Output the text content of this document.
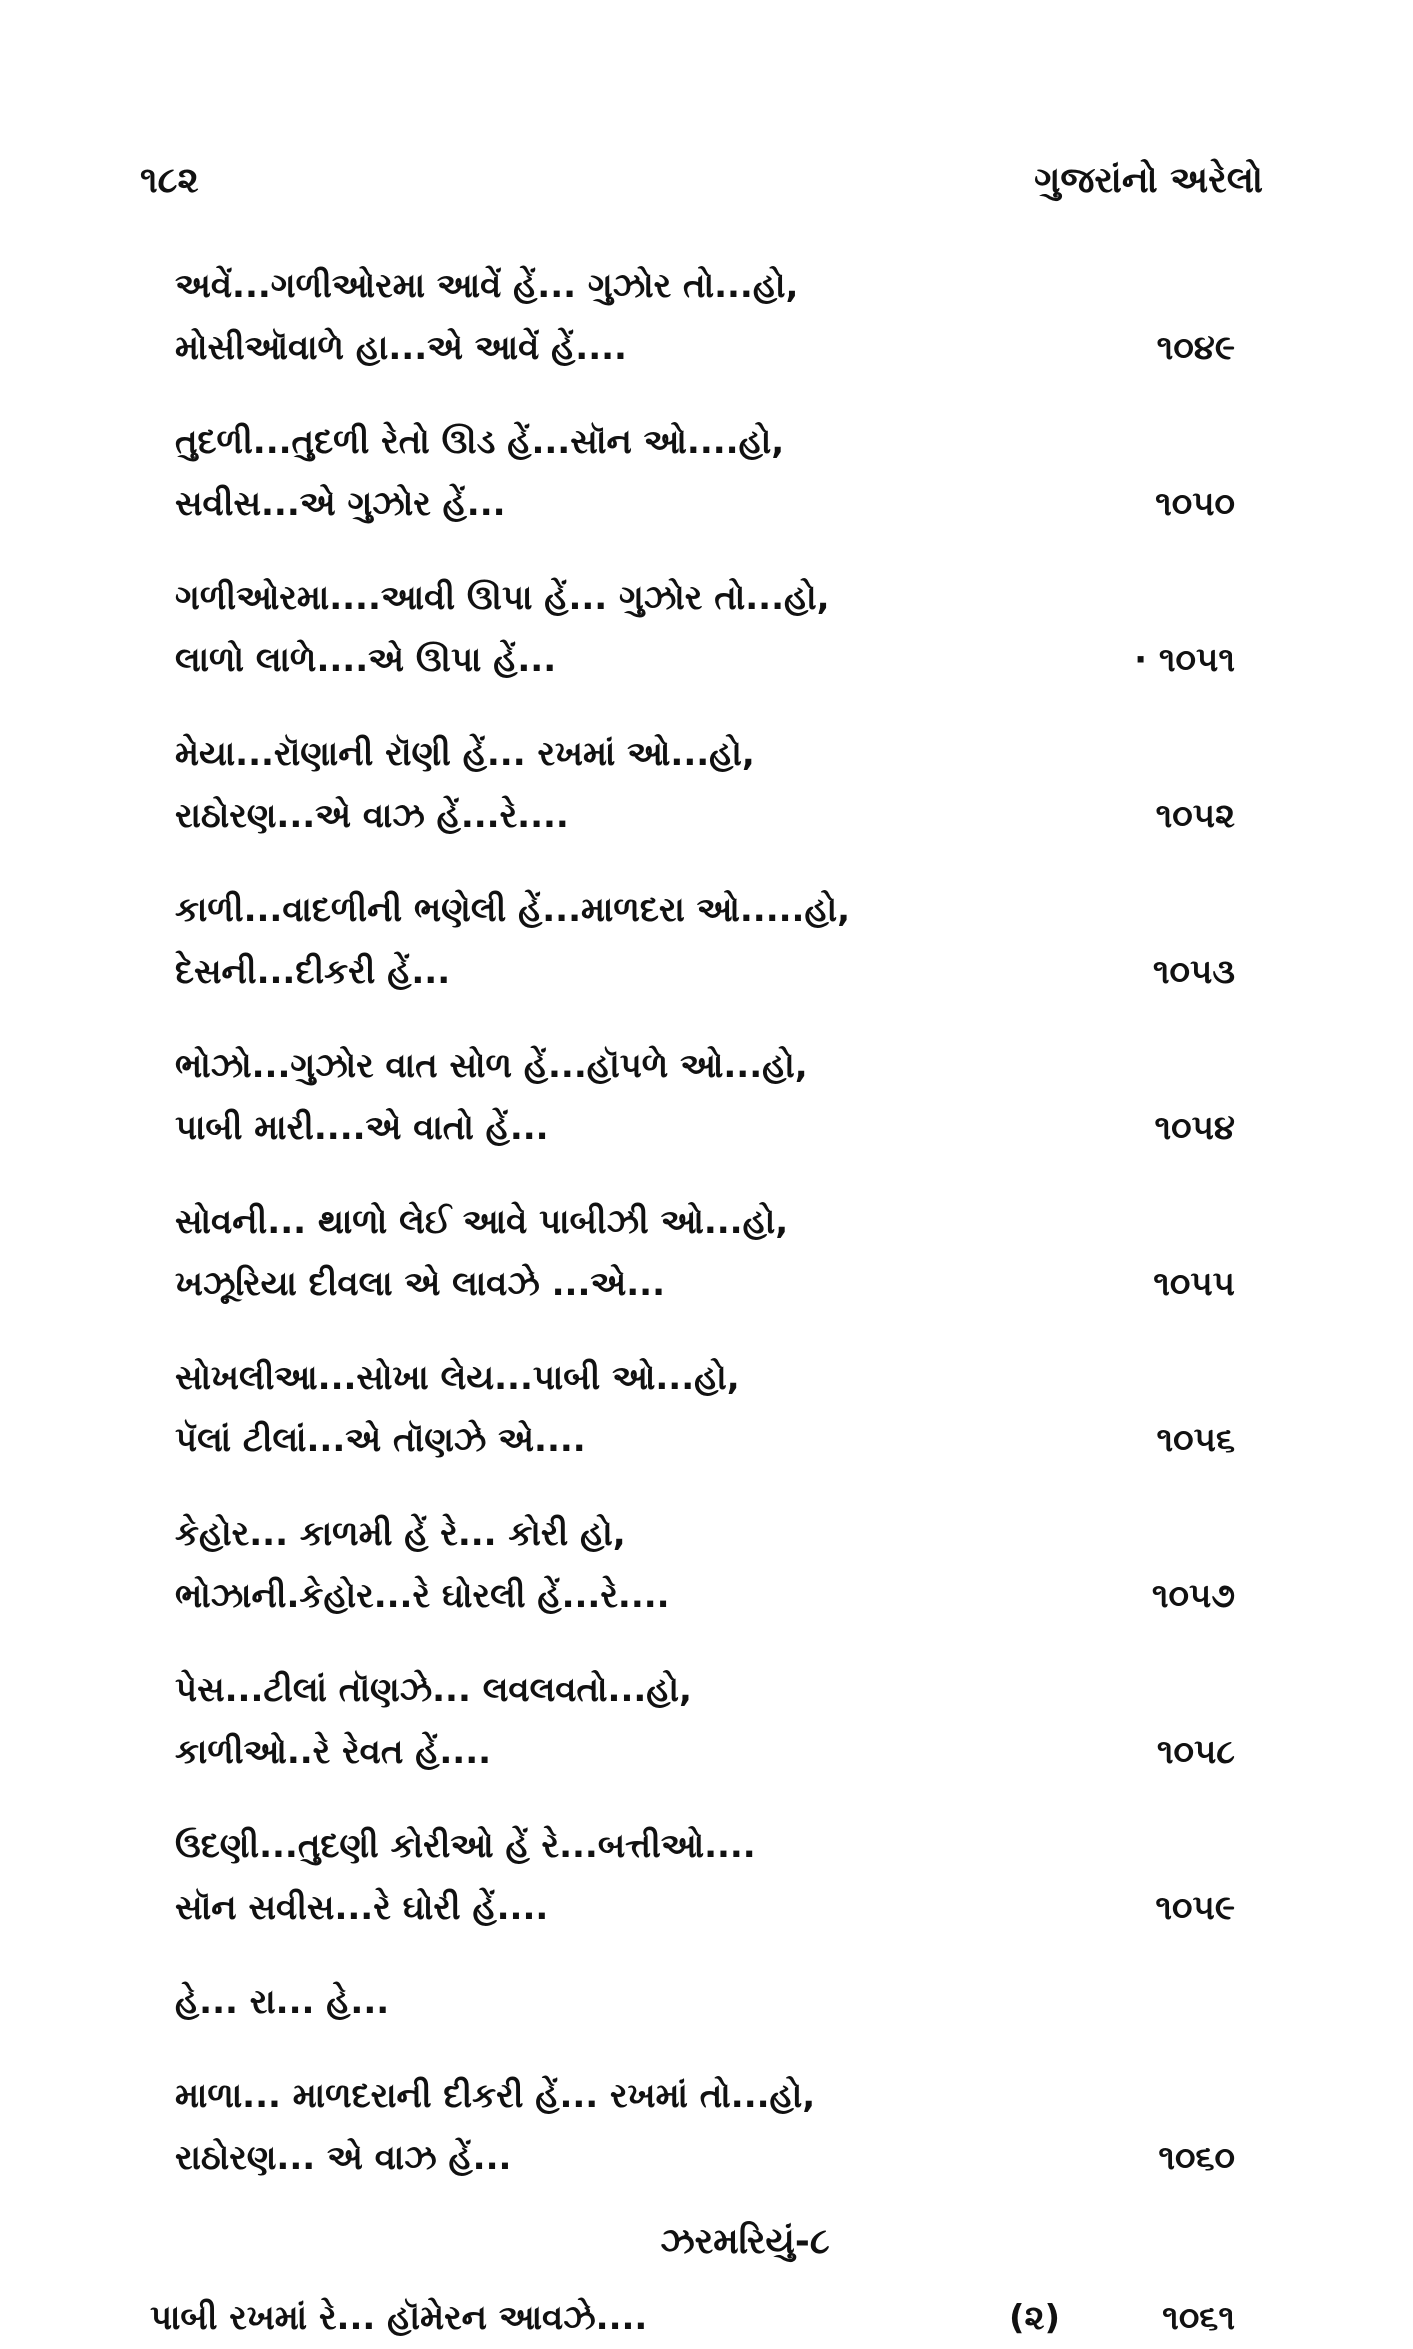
૧૮૨	ગુજરાંનો અરેલો
અવેં...ગળીઓરમા આવેં હેં... ગુઝોર તો...હો,
મોસીઑવાળે હા...એ આવેં હેં....	૧૦૪૯
તુદળી...તુદળી રેતો ઊડ હેં...સૉન ઓ....હો,
સવીસ...એ ગુઝોર હેં...	૧૦૫૦
ગળીઓરમા....આવી ઊપા હેં... ગુઝોર તો...હો,
લાળો લાળે....એ ઊપા હેં...	· ૧૦૫૧
મેયા...રૉણાની રૉણી હેં... રખમાં ઓ...હો,
રાઠોરણ...એ વાઝ હેં...રે....	૧૦૫૨
કાળી...વાદળીની ભણેલી હેં...માળદરા ઓ.....હો,
દેસની...દીકરી હેં...	૧૦૫૩
ભોઝો...ગુઝોર વાત સોળ હેં...હૉપળે ઓ...હો,
પાબી મારી....એ વાતો હેં...	૧૦૫૪
સોવની... થાળો લેઈ આવે પાબીઝી ઓ...હો,
ખઝૂરિયા દીવલા એ લાવઝે ...એ...	૧૦૫૫
સોખલીઆ...સોખા લેય...પાબી ઓ...હો,
પૅલાં ટીલાં...એ તૉણઝે એ....	૧૦૫૬
કેહોર... કાળમી હેં રે... કોરી હો,
ભોઝાની.કેહોર...રે ઘોરલી હેં...રે....	૧૦૫૭
પેસ...ટીલાં તૉણઝે... લવલવતો...હો,
કાળીઓ..રે રેવત હેં....	૧૦૫૮
ઉદણી...તુદણી કોરીઓ હેં રે...બત્તીઓ....
સૉન સવીસ...રે ઘોરી હેં....	૧૦૫૯
હે... રા... હે...
માળા... માળદરાની દીકરી હેં... રખમાં તો...હો,
રાઠોરણ... એ વાઝ હેં...	૧૦૬૦
ઝરમરિયું-૮
પાબી રખમાં રે... હૉમેરન આવઝે....	(૨)	૧૦૬૧
